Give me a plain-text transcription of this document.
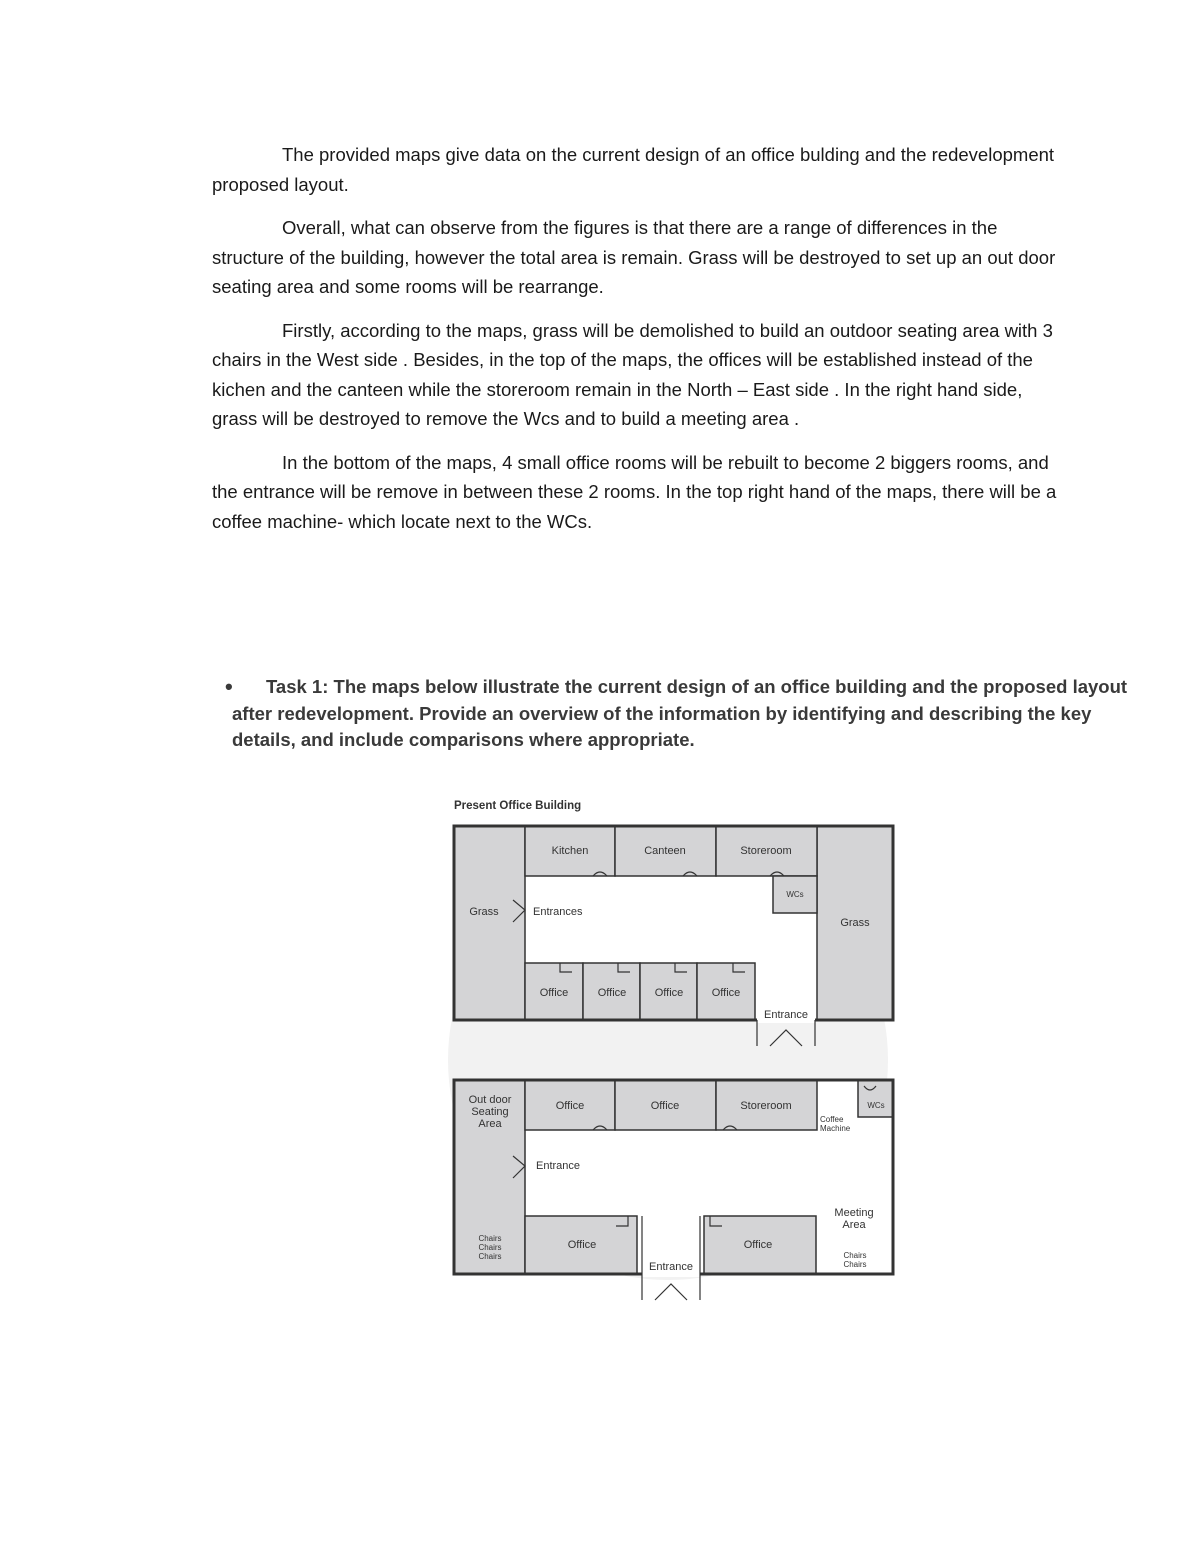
The provided maps give data on the current design of an office bulding and the redevelopment proposed layout.

Overall, what can observe from the figures is that there are a range of differences in the structure of the building, however the total area is remain. Grass will be destroyed to set up an out door seating area and some rooms will be rearrange.

Firstly, according to the maps, grass will be demolished to build an outdoor seating area with 3 chairs in the West side . Besides, in the top of the maps, the offices will be established instead of the kichen and the canteen while the storeroom remain in the North – East side . In the right hand side, grass will be destroyed to remove the Wcs and to build a meeting area .

In the bottom of the maps, 4 small office rooms will be rebuilt to become 2 biggers rooms, and the entrance will be remove in between these 2 rooms. In the top right hand of the maps, there will be a coffee machine- which locate next to the WCs.

•	Task 1: The maps below illustrate the current design of an office building and the proposed layout after redevelopment. Provide an overview of the information by identifying and describing the key details, and include comparisons where appropriate.
Present Office Building
Kitchen	Canteen	Storeroom
WCs
Grass
Grass
Entrances
Office	Office	Office	Office
Entrance
Out door
Seating
Area
Office	Office	Storeroom
Coffee
Machine
WCs
Entrance
Meeting
Area
Chairs
Chairs
Chairs
Office	Office
Entrance
Chairs
Chairs
